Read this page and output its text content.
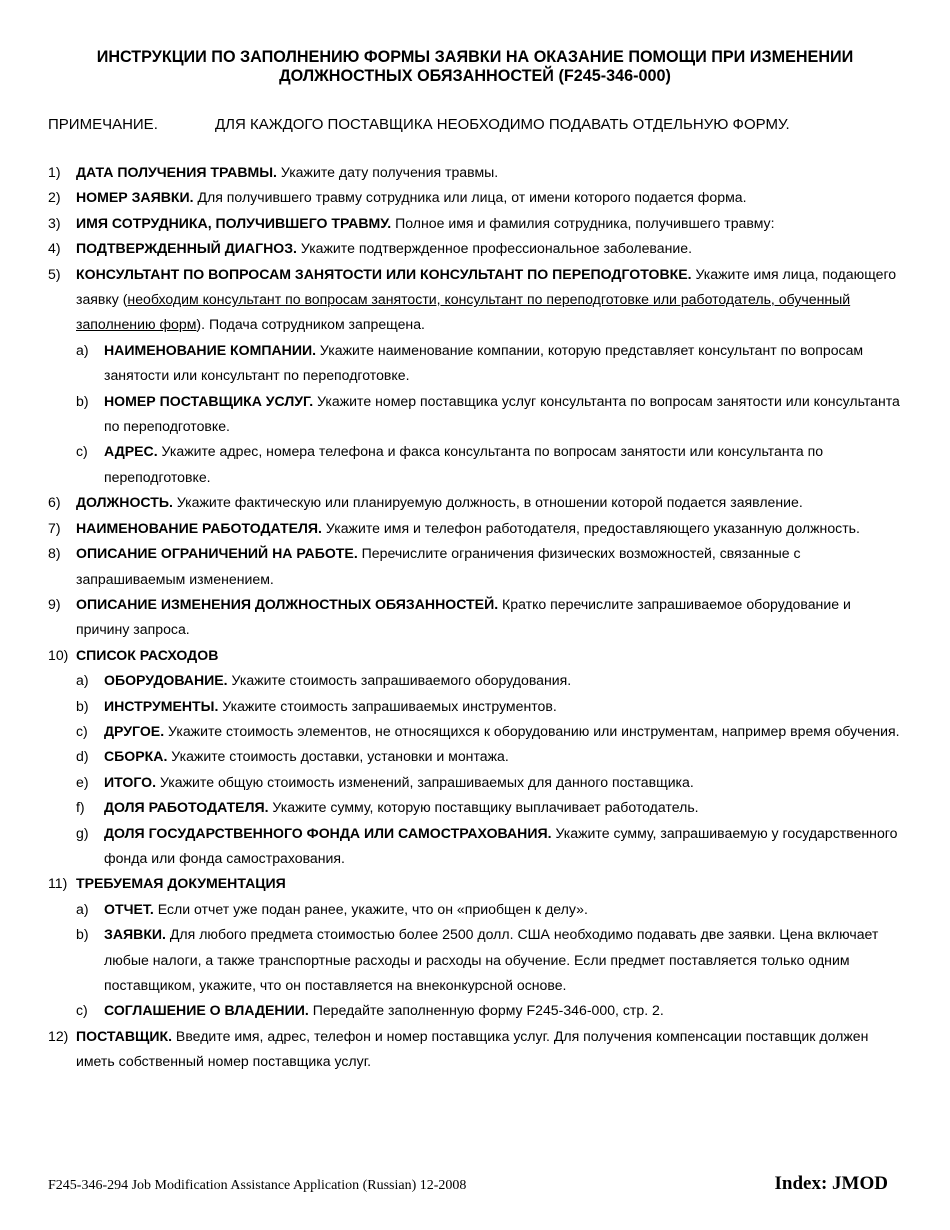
ИНСТРУКЦИИ ПО ЗАПОЛНЕНИЮ ФОРМЫ ЗАЯВКИ НА ОКАЗАНИЕ ПОМОЩИ ПРИ ИЗМЕНЕНИИ
ДОЛЖНОСТНЫХ ОБЯЗАННОСТЕЙ (F245-346-000)
ПРИМЕЧАНИЕ.	ДЛЯ КАЖДОГО ПОСТАВЩИКА НЕОБХОДИМО ПОДАВАТЬ ОТДЕЛЬНУЮ ФОРМУ.
1)	ДАТА ПОЛУЧЕНИЯ ТРАВМЫ. Укажите дату получения травмы.
2)	НОМЕР ЗАЯВКИ. Для получившего травму сотрудника или лица, от имени которого подается форма.
3)	ИМЯ СОТРУДНИКА, ПОЛУЧИВШЕГО ТРАВМУ. Полное имя и фамилия сотрудника, получившего травму:
4)	ПОДТВЕРЖДЕННЫЙ ДИАГНОЗ. Укажите подтвержденное профессиональное заболевание.
5)	КОНСУЛЬТАНТ ПО ВОПРОСАМ ЗАНЯТОСТИ ИЛИ КОНСУЛЬТАНТ ПО ПЕРЕПОДГОТОВКЕ. Укажите имя лица, подающего заявку (необходим консультант по вопросам занятости, консультант по переподготовке или работодатель, обученный заполнению форм). Подача сотрудником запрещена.
a)	НАИМЕНОВАНИЕ КОМПАНИИ. Укажите наименование компании, которую представляет консультант по вопросам занятости или консультант по переподготовке.
b)	НОМЕР ПОСТАВЩИКА УСЛУГ. Укажите номер поставщика услуг консультанта по вопросам занятости или консультанта по переподготовке.
c)	АДРЕС. Укажите адрес, номера телефона и факса консультанта по вопросам занятости или консультанта по переподготовке.
6)	ДОЛЖНОСТЬ. Укажите фактическую или планируемую должность, в отношении которой подается заявление.
7)	НАИМЕНОВАНИЕ РАБОТОДАТЕЛЯ. Укажите имя и телефон работодателя, предоставляющего указанную должность.
8)	ОПИСАНИЕ ОГРАНИЧЕНИЙ НА РАБОТЕ. Перечислите ограничения физических возможностей, связанные с запрашиваемым изменением.
9)	ОПИСАНИЕ ИЗМЕНЕНИЯ ДОЛЖНОСТНЫХ ОБЯЗАННОСТЕЙ. Кратко перечислите запрашиваемое оборудование и причину запроса.
10) СПИСОК РАСХОДОВ
a)	ОБОРУДОВАНИЕ. Укажите стоимость запрашиваемого оборудования.
b)	ИНСТРУМЕНТЫ. Укажите стоимость запрашиваемых инструментов.
c)	ДРУГОЕ. Укажите стоимость элементов, не относящихся к оборудованию или инструментам, например время обучения.
d)	СБОРКА. Укажите стоимость доставки, установки и монтажа.
e)	ИТОГО. Укажите общую стоимость изменений, запрашиваемых для данного поставщика.
f)	ДОЛЯ РАБОТОДАТЕЛЯ. Укажите сумму, которую поставщику выплачивает работодатель.
g)	ДОЛЯ ГОСУДАРСТВЕННОГО ФОНДА ИЛИ САМОСТРАХОВАНИЯ. Укажите сумму, запрашиваемую у государственного фонда или фонда самострахования.
11) ТРЕБУЕМАЯ ДОКУМЕНТАЦИЯ
a)	ОТЧЕТ. Если отчет уже подан ранее, укажите, что он «приобщен к делу».
b)	ЗАЯВКИ. Для любого предмета стоимостью более 2500 долл. США необходимо подавать две заявки. Цена включает любые налоги, а также транспортные расходы и расходы на обучение. Если предмет поставляется только одним поставщиком, укажите, что он поставляется на внеконкурсной основе.
c)	СОГЛАШЕНИЕ О ВЛАДЕНИИ. Передайте заполненную форму F245-346-000, стр. 2.
12) ПОСТАВЩИК. Введите имя, адрес, телефон и номер поставщика услуг. Для получения компенсации поставщик должен иметь собственный номер поставщика услуг.
F245-346-294 Job Modification Assistance Application (Russian) 12-2008	Index: JMOD
